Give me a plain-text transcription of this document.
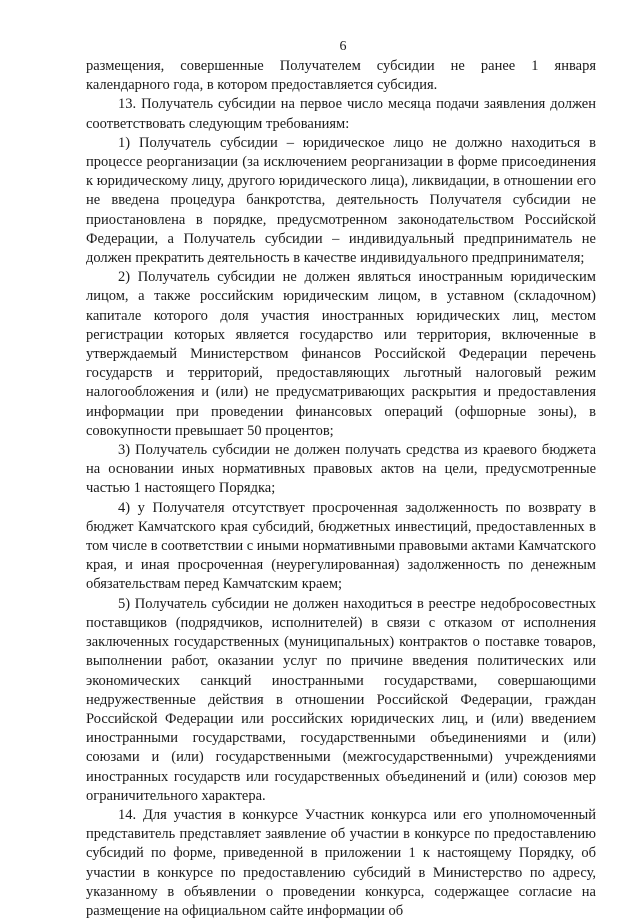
6

размещения, совершенные Получателем субсидии не ранее 1 января календарного года, в котором предоставляется субсидия.

13. Получатель субсидии на первое число месяца подачи заявления должен соответствовать следующим требованиям:

1) Получатель субсидии – юридическое лицо не должно находиться в процессе реорганизации (за исключением реорганизации в форме присоединения к юридическому лицу, другого юридического лица), ликвидации, в отношении его не введена процедура банкротства, деятельность Получателя субсидии не приостановлена в порядке, предусмотренном законодательством Российской Федерации, а Получатель субсидии – индивидуальный предприниматель не должен прекратить деятельность в качестве индивидуального предпринимателя;

2) Получатель субсидии не должен являться иностранным юридическим лицом, а также российским юридическим лицом, в уставном (складочном) капитале которого доля участия иностранных юридических лиц, местом регистрации которых является государство или территория, включенные в утверждаемый Министерством финансов Российской Федерации перечень государств и территорий, предоставляющих льготный налоговый режим налогообложения и (или) не предусматривающих раскрытия и предоставления информации при проведении финансовых операций (офшорные зоны), в совокупности превышает 50 процентов;

3) Получатель субсидии не должен получать средства из краевого бюджета на основании иных нормативных правовых актов на цели, предусмотренные частью 1 настоящего Порядка;

4) у Получателя отсутствует просроченная задолженность по возврату в бюджет Камчатского края субсидий, бюджетных инвестиций, предоставленных в том числе в соответствии с иными нормативными правовыми актами Камчатского края, и иная просроченная (неурегулированная) задолженность по денежным обязательствам перед Камчатским краем;

5) Получатель субсидии не должен находиться в реестре недобросовестных поставщиков (подрядчиков, исполнителей) в связи с отказом от исполнения заключенных государственных (муниципальных) контрактов о поставке товаров, выполнении работ, оказании услуг по причине введения политических или экономических санкций иностранными государствами, совершающими недружественные действия в отношении Российской Федерации, граждан Российской Федерации или российских юридических лиц, и (или) введением иностранными государствами, государственными объединениями и (или) союзами и (или) государственными (межгосударственными) учреждениями иностранных государств или государственных объединений и (или) союзов мер ограничительного характера.

14. Для участия в конкурсе Участник конкурса или его уполномоченный представитель представляет заявление об участии в конкурсе по предоставлению субсидий по форме, приведенной в приложении 1 к настоящему Порядку, об участии в конкурсе по предоставлению субсидий в Министерство по адресу, указанному в объявлении о проведении конкурса, содержащее согласие на размещение на официальном сайте информации об
